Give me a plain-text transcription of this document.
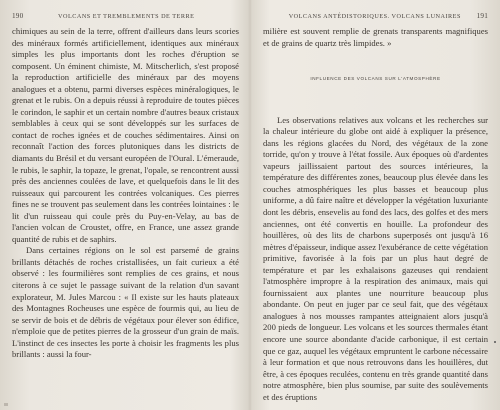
190	VOLCANS ET TREMBLEMENTS DE TERRE

chimiques au sein de la terre, offrent d'ailleurs dans leurs scories des minéraux formés artificiellement, identiques aux minéraux simples les plus importants dont les roches d'éruption se composent. Un éminent chimiste, M. Mitscherlich, s'est proposé la reproduction artificielle des minéraux par des moyens analogues et a obtenu, parmi diverses espèces minéralogiques, le grenat et le rubis. On a depuis réussi à reproduire de toutes pièces le corindon, le saphir et un certain nombre d'autres beaux cristaux semblables à ceux qui se sont développés sur les surfaces de contact de roches ignées et de couches sédimentaires. Ainsi on reconnaît l'action des forces plutoniques dans les districts de diamants du Brésil et du versant européen de l'Oural. L'émeraude, le rubis, le saphir, la topaze, le grenat, l'opale, se rencontrent aussi près des anciennes coulées de lave, et quelquefois dans le lit des ruisseaux qui parcourent les contrées volcaniques. Ces pierres fines ne se trouvent pas seulement dans les contrées lointaines : le lit d'un ruisseau qui coule près du Puy-en-Velay, au bas de l'ancien volcan de Croustet, offre, en France, une assez grande quantité de rubis et de saphirs.

Dans certaines régions on le sol est parsemé de grains brillants détachés de roches cristallisées, un fait curieux a été observé : les fourmilières sont remplies de ces grains, et nous citerons à ce sujet le passage suivant de la relation d'un savant explorateur, M. Jules Marcou : « Il existe sur les hauts plateaux des Montagnes Rocheuses une espèce de fourmis qui, au lieu de se servir de bois et de débris de végétaux pour élever son édifice, n'emploie que de petites pierres de la grosseur d'un grain de maïs. L'instinct de ces insectes les porte à choisir les fragments les plus brillants : aussi la four-

VOLCANS ANTÉDISTORIQUES. VOLCANS LUNAIRES	191

milière est souvent remplie de grenats transparents magnifiques et de grains de quartz très limpides. »

INFLUENCE DES VOLCANS SUR L'ATMOSPHÈRE

Les observations relatives aux volcans et les recherches sur la chaleur intérieure du globe ont aidé à expliquer la présence, dans les régions glacées du Nord, des végétaux de la zone torride, qu'on y trouve à l'état fossile. Aux époques où d'ardentes vapeurs jaillissaient partout des sources intérieures, la température des différentes zones, beaucoup plus élevée dans les couches atmosphériques les plus basses et beaucoup plus uniforme, a dû faire naître et développer la végétation luxuriante dont les débris, ensevelis au fond des lacs, des golfes et des mers anciennes, ont été convertis en houille. La profondeur des houillères, où des lits de charbons superposés ont jusqu'à 16 mètres d'épaisseur, indique assez l'exubérance de cette végétation primitive, favorisée à la fois par un plus haut degré de température et par les exhalaisons gazeuses qui rendaient l'atmosphère impropre à la respiration des animaux, mais qui fournissaient aux plantes une nourriture beaucoup plus abondante. On peut en juger par ce seul fait, que des végétaux analogues à nos mousses rampantes atteignaient alors jusqu'à 200 pieds de longueur. Les volcans et les sources thermales étant encore une source abondante d'acide carbonique, il est certain que ce gaz, auquel les végétaux empruntent le carbone nécessaire à leur formation et que nous retrouvons dans les houillères, dut être, à ces époques reculées, contenu en très grande quantité dans notre atmosphère, bien plus soumise, par suite des soulèvements et des éruptions
